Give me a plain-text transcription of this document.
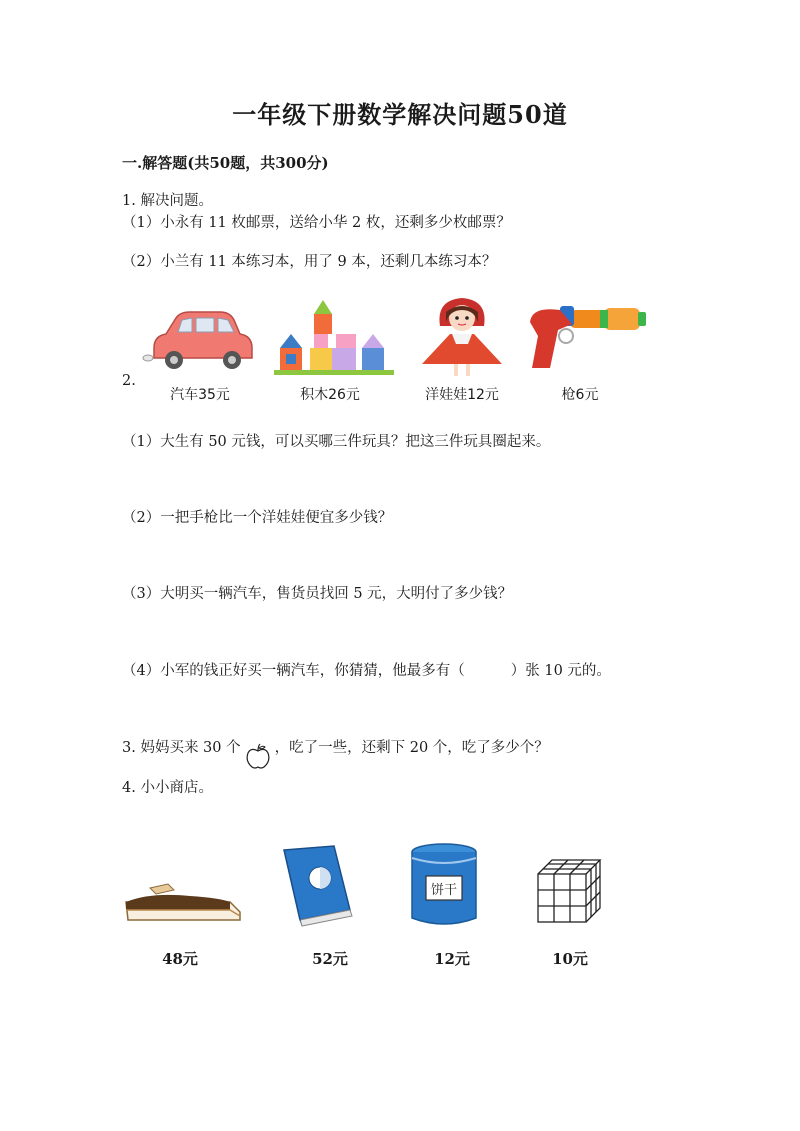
一年级下册数学解决问题50道
一.解答题(共50题，共300分)
1. 解决问题。
（1）小永有 11 枚邮票，送给小华 2 枚，还剩多少枚邮票？
（2）小兰有 11 本练习本，用了 9 本，还剩几本练习本？
2.
汽车35元	积木26元	洋娃娃12元	枪6元
（1）大生有 50 元钱，可以买哪三件玩具？把这三件玩具圈起来。
（2）一把手枪比一个洋娃娃便宜多少钱？
（3）大明买一辆汽车，售货员找回 5 元，大明付了多少钱？
（4）小军的钱正好买一辆汽车，你猜猜，他最多有（	）张 10 元的。
3. 妈妈买来 30 个 ，吃了一些，还剩下 20 个，吃了多少个？
4. 小小商店。
48元	52元
饼干
12元	10元
